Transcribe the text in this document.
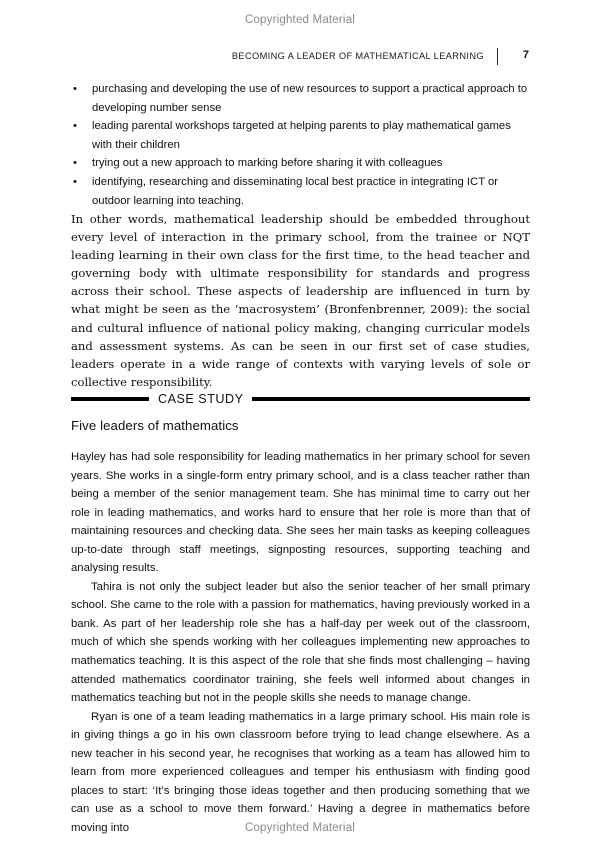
Copyrighted Material
BECOMING A LEADER OF MATHEMATICAL LEARNING	7
• purchasing and developing the use of new resources to support a practical approach to developing number sense
• leading parental workshops targeted at helping parents to play mathematical games with their children
• trying out a new approach to marking before sharing it with colleagues
• identifying, researching and disseminating local best practice in integrating ICT or outdoor learning into teaching.
In other words, mathematical leadership should be embedded throughout every level of interaction in the primary school, from the trainee or NQT leading learning in their own class for the first time, to the head teacher and governing body with ultimate responsibility for standards and progress across their school. These aspects of leadership are influenced in turn by what might be seen as the ‘macrosystem’ (Bronfenbrenner, 2009): the social and cultural influence of national policy making, changing curricular models and assessment systems. As can be seen in our first set of case studies, leaders operate in a wide range of contexts with varying levels of sole or collective responsibility.
CASE STUDY
Five leaders of mathematics

Hayley has had sole responsibility for leading mathematics in her primary school for seven years. She works in a single-form entry primary school, and is a class teacher rather than being a member of the senior management team. She has minimal time to carry out her role in leading mathematics, and works hard to ensure that her role is more than that of maintaining resources and checking data. She sees her main tasks as keeping colleagues up-to-date through staff meetings, signposting resources, supporting teaching and analysing results.

Tahira is not only the subject leader but also the senior teacher of her small primary school. She came to the role with a passion for mathematics, having previously worked in a bank. As part of her leadership role she has a half-day per week out of the classroom, much of which she spends working with her colleagues implementing new approaches to mathematics teaching. It is this aspect of the role that she finds most challenging – having attended mathematics coordinator training, she feels well informed about changes in mathematics teaching but not in the people skills she needs to manage change.

Ryan is one of a team leading mathematics in a large primary school. His main role is in giving things a go in his own classroom before trying to lead change elsewhere. As a new teacher in his second year, he recognises that working as a team has allowed him to learn from more experienced colleagues and temper his enthusiasm with finding good places to start: ‘It’s bringing those ideas together and then producing something that we can use as a school to move them forward.’ Having a degree in mathematics before moving into	Copyrighted Material
